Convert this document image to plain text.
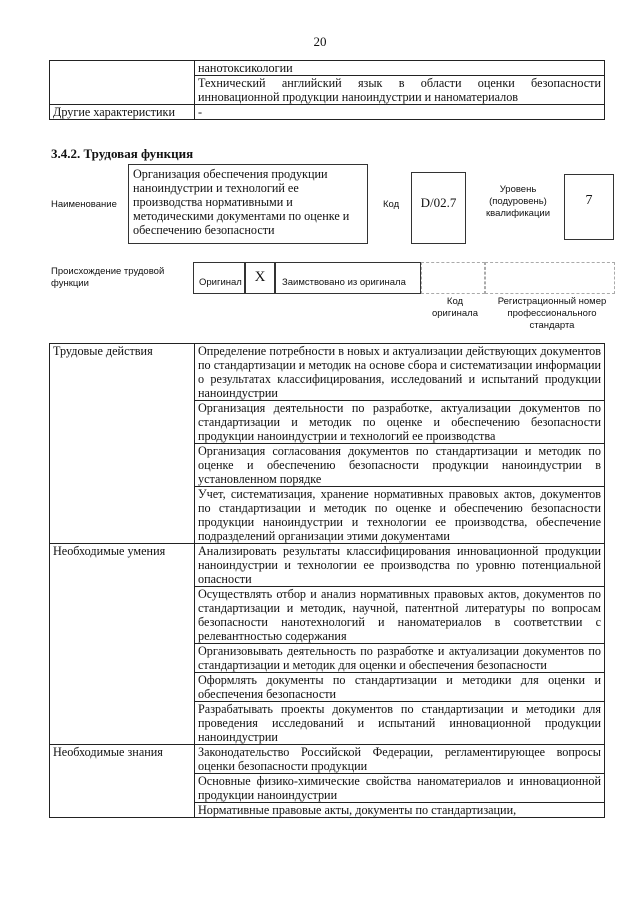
20
	нанотоксикологии
	Технический английский язык в области оценки безопасности инновационной продукции наноиндустрии и наноматериалов
Другие характеристики	-
3.4.2. Трудовая функция
Наименование
Организация обеспечения продукции наноиндустрии и технологий ее производства нормативными и методическими документами по оценке и обеспечению безопасности
Код	D/02.7
Уровень (подуровень) квалификации
7
Происхождение трудовой функции	Оригинал X	Заимствовано из оригинала
Код оригинала
Регистрационный номер профессионального стандарта
Трудовые действия	Определение потребности в новых и актуализации действующих документов по стандартизации и методик на основе сбора и систематизации информации о результатах классифицирования, исследований и испытаний продукции наноиндустрии
	Организация деятельности по разработке, актуализации документов по стандартизации и методик по оценке и обеспечению безопасности продукции наноиндустрии и технологий ее производства
	Организация согласования документов по стандартизации и методик по оценке и обеспечению безопасности продукции наноиндустрии в установленном порядке
	Учет, систематизация, хранение нормативных правовых актов, документов по стандартизации и методик по оценке и обеспечению безопасности продукции наноиндустрии и технологии ее производства, обеспечение подразделений организации этими документами
Необходимые умения	Анализировать результаты классифицирования инновационной продукции наноиндустрии и технологии ее производства по уровню потенциальной опасности
	Осуществлять отбор и анализ нормативных правовых актов, документов по стандартизации и методик, научной, патентной литературы по вопросам безопасности нанотехнологий и наноматериалов в соответствии с релевантностью содержания
	Организовывать деятельность по разработке и актуализации документов по стандартизации и методик для оценки и обеспечения безопасности
	Оформлять документы по стандартизации и методики для оценки и обеспечения безопасности
	Разрабатывать проекты документов по стандартизации и методики для проведения исследований и испытаний инновационной продукции наноиндустрии
Необходимые знания	Законодательство Российской Федерации, регламентирующее вопросы оценки безопасности продукции
	Основные физико-химические свойства наноматериалов и инновационной продукции наноиндустрии
	Нормативные правовые акты, документы по стандартизации,
